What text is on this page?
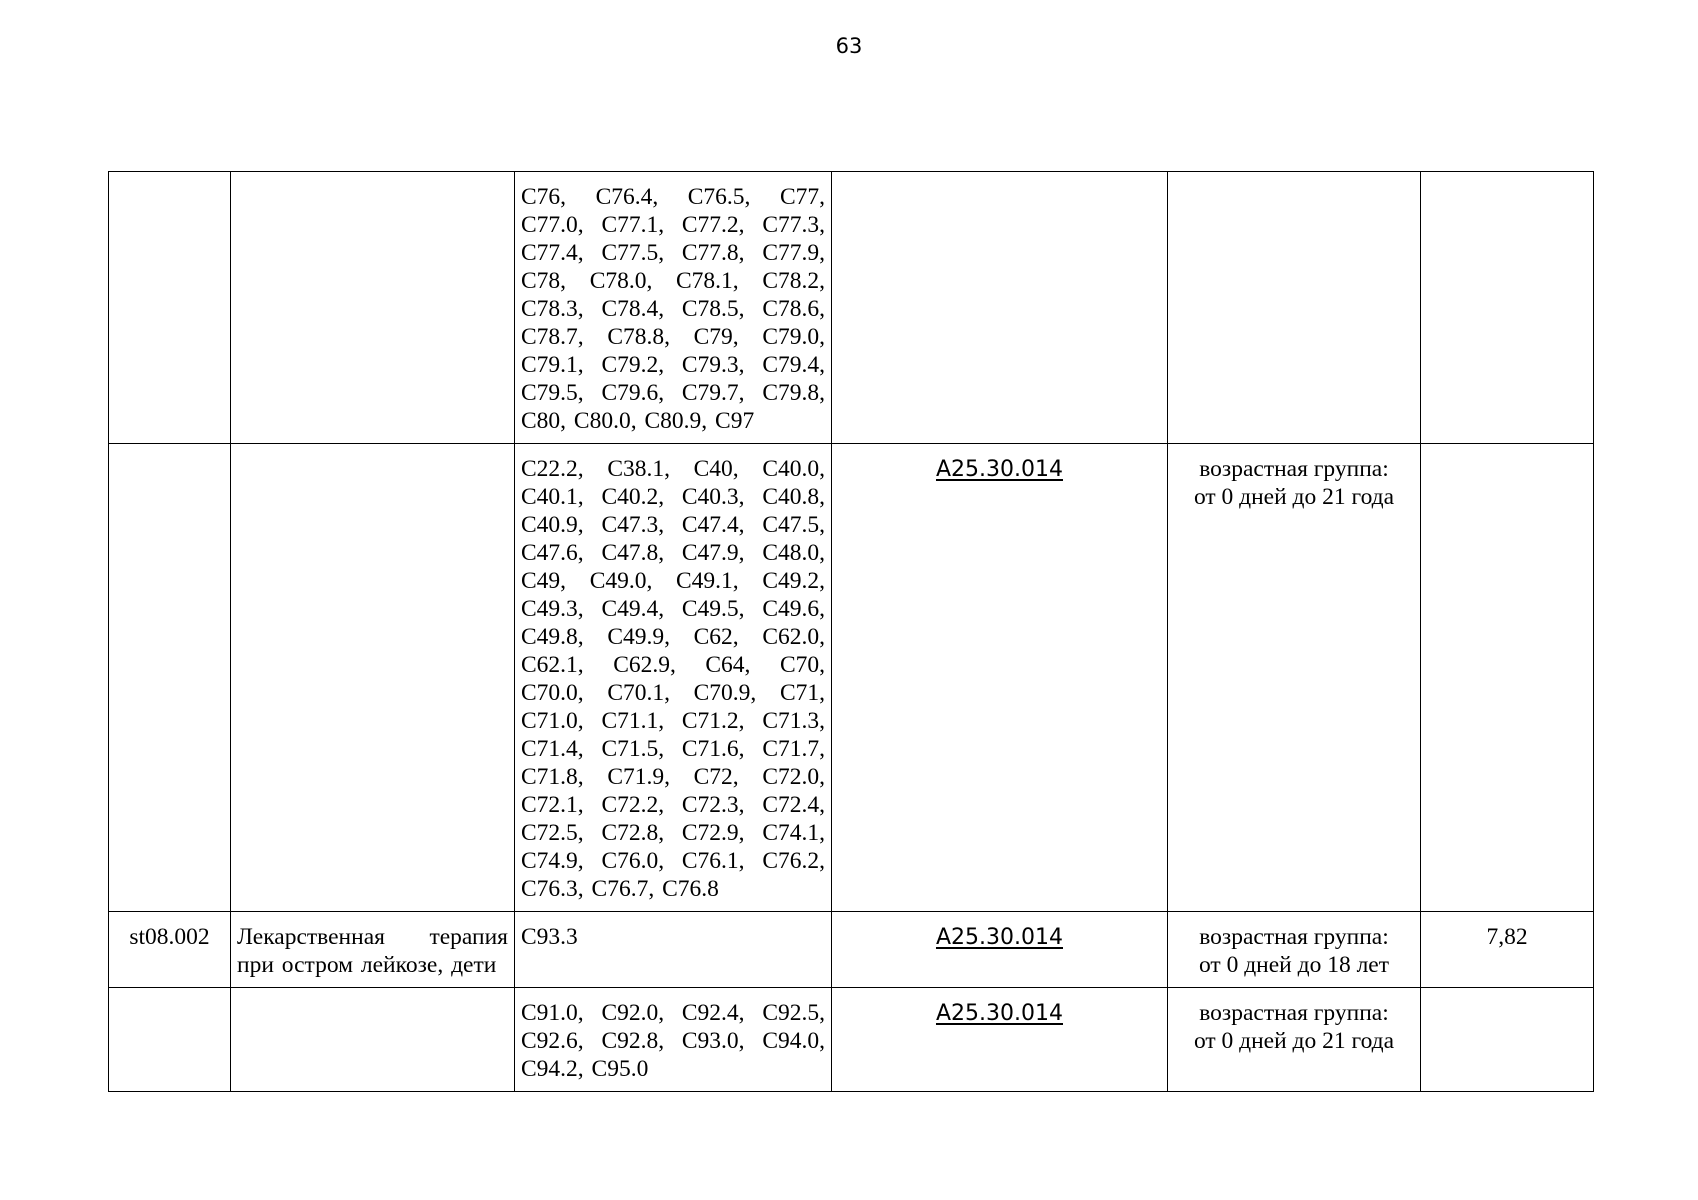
63
		C76, C76.4, C76.5, C77, C77.0, C77.1, C77.2, C77.3, C77.4, C77.5, C77.8, C77.9, C78, C78.0, C78.1, C78.2, C78.3, C78.4, C78.5, C78.6, C78.7, C78.8, C79, C79.0, C79.1, C79.2, C79.3, C79.4, C79.5, C79.6, C79.7, C79.8, C80, C80.0, C80.9, C97			
		C22.2, C38.1, C40, C40.0, C40.1, C40.2, C40.3, C40.8, C40.9, C47.3, C47.4, C47.5, C47.6, C47.8, C47.9, C48.0, C49, C49.0, C49.1, C49.2, C49.3, C49.4, C49.5, C49.6, C49.8, C49.9, C62, C62.0, C62.1, C62.9, C64, C70, C70.0, C70.1, C70.9, C71, C71.0, C71.1, C71.2, C71.3, C71.4, C71.5, C71.6, C71.7, C71.8, C71.9, C72, C72.0, C72.1, C72.2, C72.3, C72.4, C72.5, C72.8, C72.9, C74.1, C74.9, C76.0, C76.1, C76.2, C76.3, C76.7, C76.8	A25.30.014	возрастная группа:
от 0 дней до 21 года	

st08.002	Лекарственная терапия при остром лейкозе, дети	C93.3	A25.30.014	возрастная группа:
от 0 дней до 18 лет	7,82
		C91.0, C92.0, C92.4, C92.5, C92.6, C92.8, C93.0, C94.0, C94.2, C95.0	A25.30.014	возрастная группа:
от 0 дней до 21 года	
